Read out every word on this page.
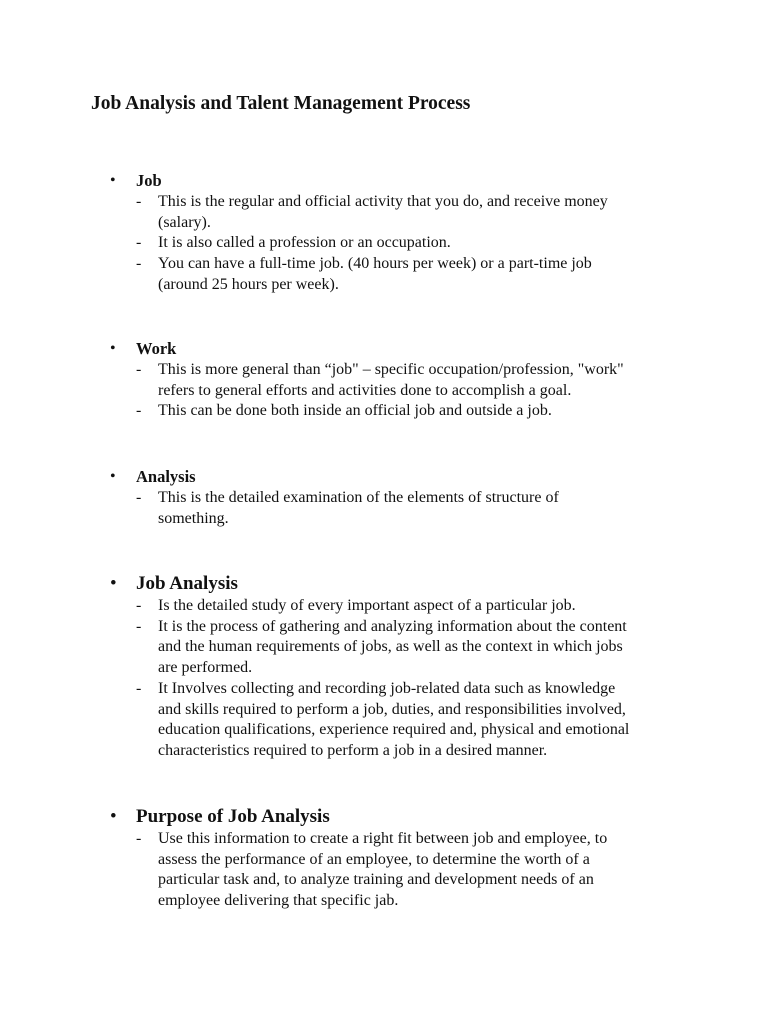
Job Analysis and Talent Management Process
• Job
- This is the regular and official activity that you do, and receive money
(salary).
- It is also called a profession or an occupation.
- You can have a full-time job. (40 hours per week) or a part-time job
(around 25 hours per week).
• Work
- This is more general than “job" – specific occupation/profession, "work"
refers to general efforts and activities done to accomplish a goal.
- This can be done both inside an official job and outside a job.
• Analysis
- This is the detailed examination of the elements of structure of
something.
• Job Analysis
- Is the detailed study of every important aspect of a particular job.
- It is the process of gathering and analyzing information about the content
and the human requirements of jobs, as well as the context in which jobs
are performed.
- It Involves collecting and recording job-related data such as knowledge
and skills required to perform a job, duties, and responsibilities involved,
education qualifications, experience required and, physical and emotional
characteristics required to perform a job in a desired manner.
• Purpose of Job Analysis
- Use this information to create a right fit between job and employee, to
assess the performance of an employee, to determine the worth of a
particular task and, to analyze training and development needs of an
employee delivering that specific jab.
